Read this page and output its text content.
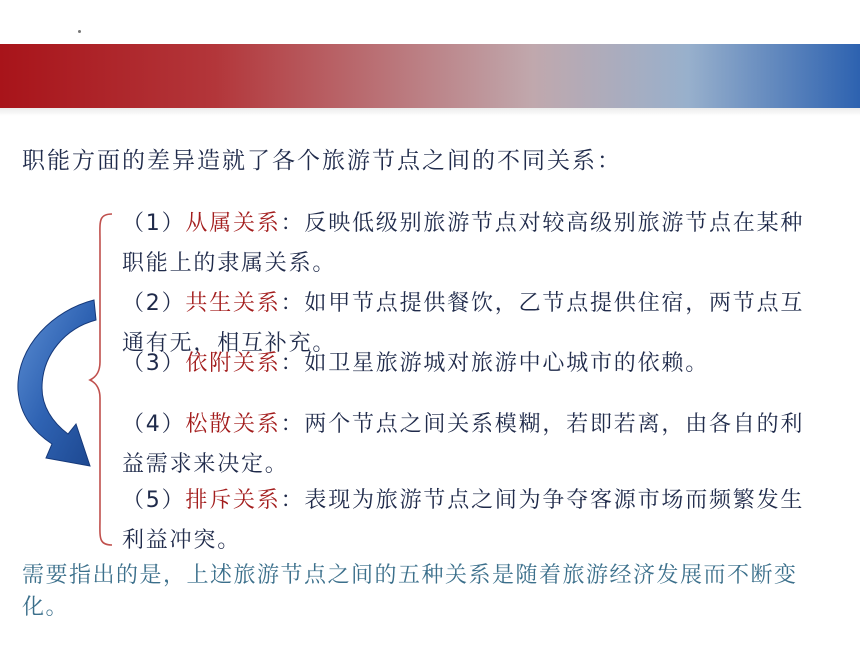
职能方面的差异造就了各个旅游节点之间的不同关系：
（1）从属关系：反映低级别旅游节点对较高级别旅游节点在某种职能上的隶属关系。
（2）共生关系：如甲节点提供餐饮，乙节点提供住宿，两节点互通有无，相互补充。
（3）依附关系：如卫星旅游城对旅游中心城市的依赖。
（4）松散关系：两个节点之间关系模糊，若即若离，由各自的利益需求来决定。
（5）排斥关系：表现为旅游节点之间为争夺客源市场而频繁发生利益冲突。
需要指出的是，上述旅游节点之间的五种关系是随着旅游经济发展而不断变化。
